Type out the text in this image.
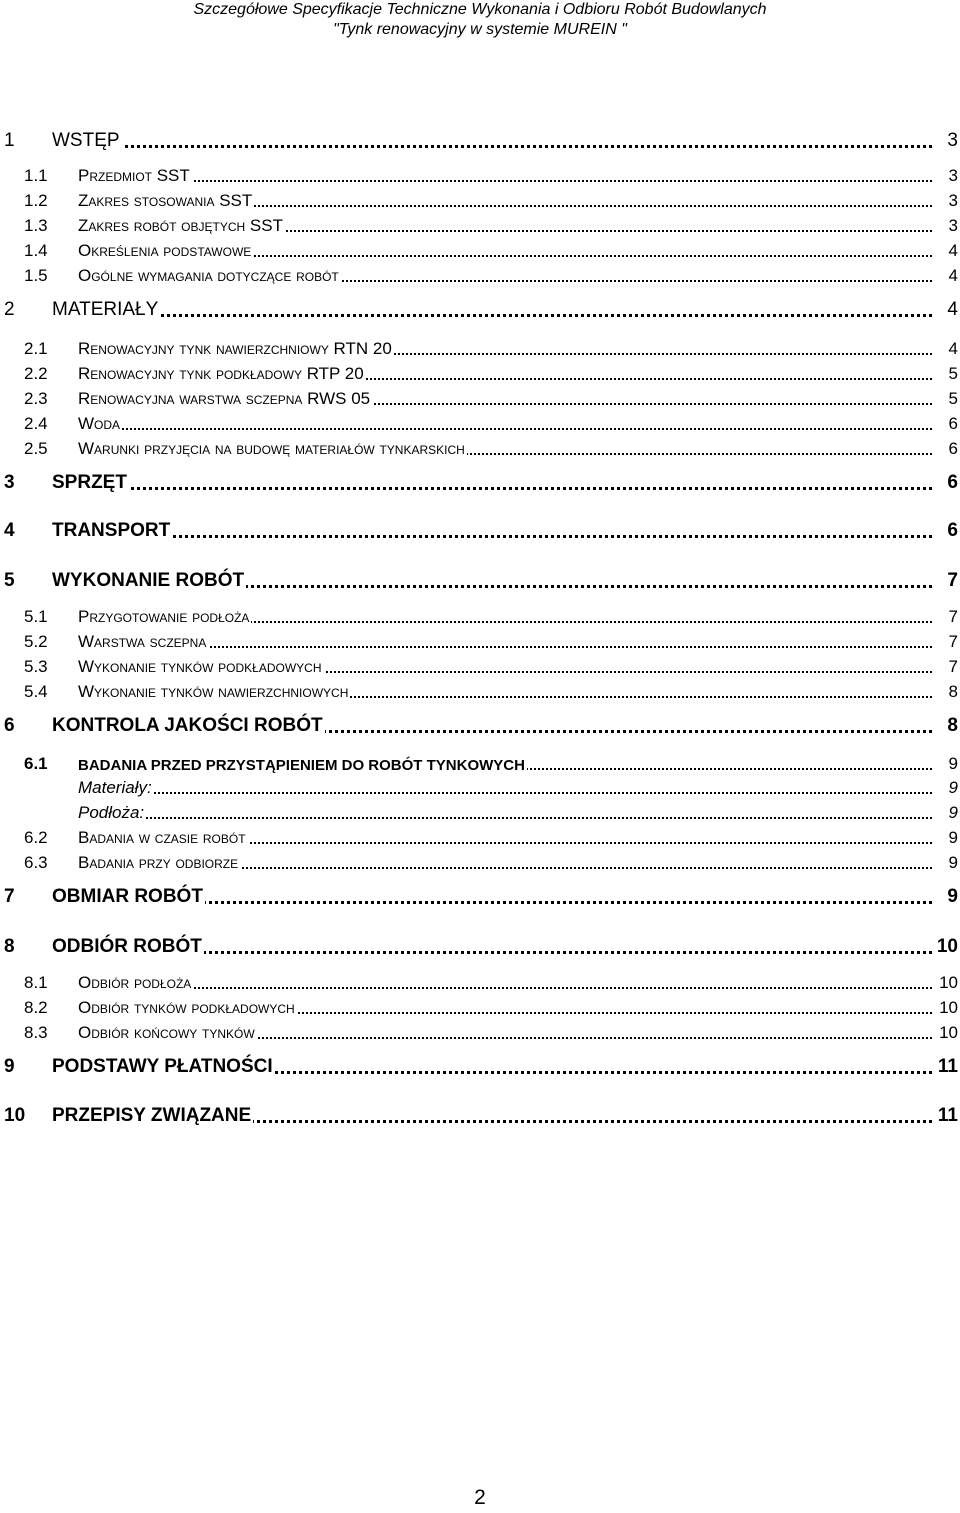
Szczegółowe Specyfikacje Techniczne Wykonania i Odbioru Robót Budowlanych
"Tynk renowacyjny w systemie MUREIN "
1 WSTĘP	3
1.1 Przedmiot SST	3
1.2 Zakres stosowania SST	3
1.3 Zakres robót objętych SST	3
1.4 Określenia podstawowe	4
1.5 Ogólne wymagania dotyczące robót	4
2 MATERIAŁY	4
2.1 Renowacyjny tynk nawierzchniowy RTN 20	4
2.2 Renowacyjny tynk podkładowy RTP 20	5
2.3 Renowacyjna warstwa sczepna RWS 05	5
2.4 Woda	6
2.5 Warunki przyjęcia na budowę materiałów tynkarskich	6
3 SPRZĘT	6
4 TRANSPORT	6
5 WYKONANIE ROBÓT	7
5.1 Przygotowanie podłoża	7
5.2 Warstwa sczepna	7
5.3 Wykonanie tynków podkładowych	7
5.4 Wykonanie tynków nawierzchniowych	8
6 KONTROLA JAKOŚCI ROBÓT	8
6.1 BADANIA PRZED PRZYSTĄPIENIEM DO ROBÓT TYNKOWYCH	9
Materiały:	9
Podłoża:	9
6.2 Badania w czasie robót	9
6.3 Badania przy odbiorze	9
7 OBMIAR ROBÓT	9
8 ODBIÓR ROBÓT	10
8.1 Odbiór podłoża	10
8.2 Odbiór tynków podkładowych	10
8.3 Odbiór końcowy tynków	10
9 PODSTAWY PŁATNOŚCI	11
10 PRZEPISY ZWIĄZANE	11
2
